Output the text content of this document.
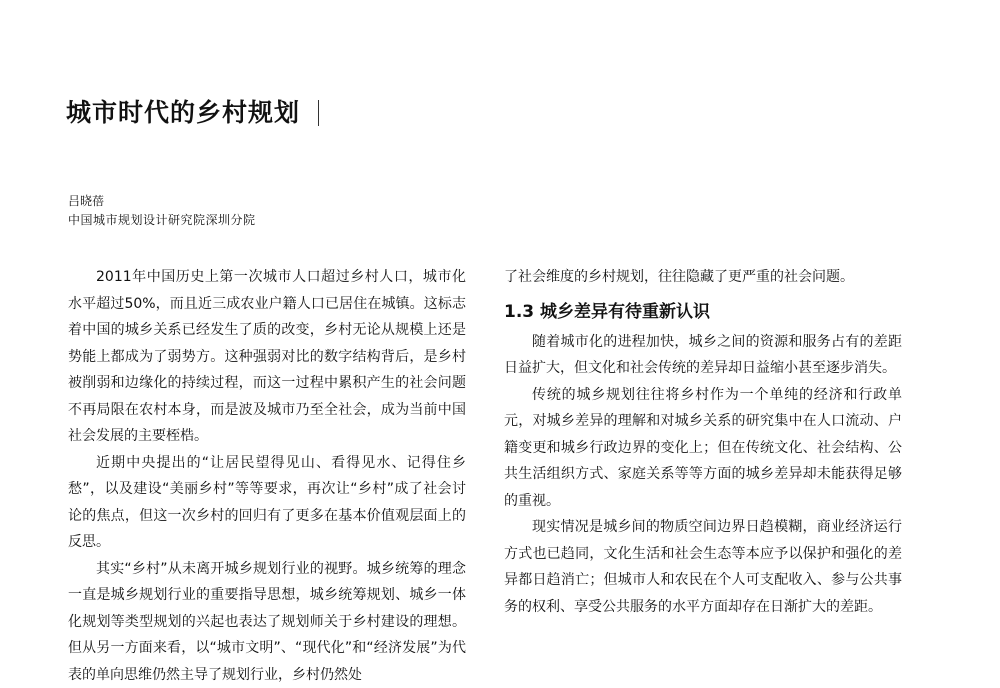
城市时代的乡村规划
吕晓蓓
中国城市规划设计研究院深圳分院

2011年中国历史上第一次城市人口超过乡村人口，城市化水平超过50%，而且近三成农业户籍人口已居住在城镇。这标志着中国的城乡关系已经发生了质的改变，乡村无论从规模上还是势能上都成为了弱势方。这种强弱对比的数字结构背后，是乡村被削弱和边缘化的持续过程，而这一过程中累积产生的社会问题不再局限在农村本身，而是波及城市乃至全社会，成为当前中国社会发展的主要桎梏。

近期中央提出的“让居民望得见山、看得见水、记得住乡愁”，以及建设“美丽乡村”等等要求，再次让“乡村”成了社会讨论的焦点，但这一次乡村的回归有了更多在基本价值观层面上的反思。

其实“乡村”从未离开城乡规划行业的视野。城乡统筹的理念一直是城乡规划行业的重要指导思想，城乡统筹规划、城乡一体化规划等类型规划的兴起也表达了规划师关于乡村建设的理想。但从另一方面来看，以“城市文明”、“现代化”和“经济发展”为代表的单向思维仍然主导了规划行业，乡村仍然处

了社会维度的乡村规划，往往隐藏了更严重的社会问题。

1.3 城乡差异有待重新认识

随着城市化的进程加快，城乡之间的资源和服务占有的差距日益扩大，但文化和社会传统的差异却日益缩小甚至逐步消失。

传统的城乡规划往往将乡村作为一个单纯的经济和行政单元，对城乡差异的理解和对城乡关系的研究集中在人口流动、户籍变更和城乡行政边界的变化上；但在传统文化、社会结构、公共生活组织方式、家庭关系等等方面的城乡差异却未能获得足够的重视。

现实情况是城乡间的物质空间边界日趋模糊，商业经济运行方式也已趋同，文化生活和社会生态等本应予以保护和强化的差异都日趋消亡；但城市人和农民在个人可支配收入、参与公共事务的权利、享受公共服务的水平方面却存在日渐扩大的差距。
